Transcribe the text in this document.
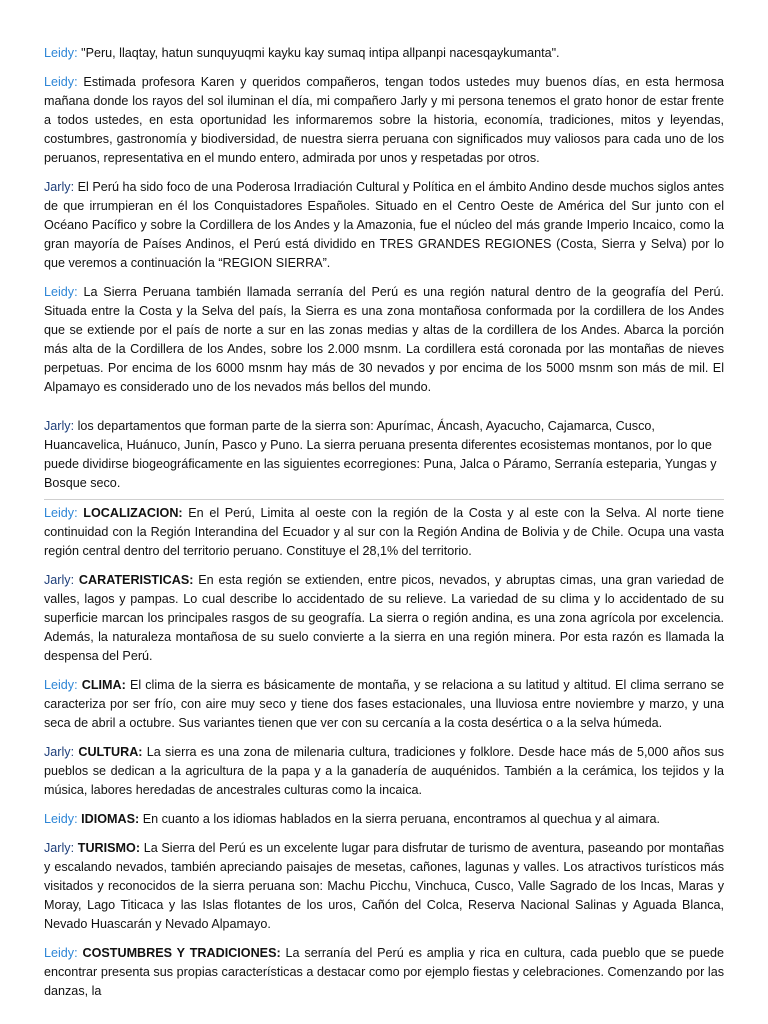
Leidy: "Peru, llaqtay, hatun sunquyuqmi kayku kay sumaq intipa allpanpi nacesqaykumanta".

Leidy: Estimada profesora Karen y queridos compañeros, tengan todos ustedes muy buenos días, en esta hermosa mañana donde los rayos del sol iluminan el día, mi compañero Jarly y mi persona tenemos el grato honor de estar frente a todos ustedes, en esta oportunidad les informaremos sobre la historia, economía, tradiciones, mitos y leyendas, costumbres, gastronomía y biodiversidad, de nuestra sierra peruana con significados muy valiosos para cada uno de los peruanos, representativa en el mundo entero, admirada por unos y respetadas por otros.

Jarly: El Perú ha sido foco de una Poderosa Irradiación Cultural y Política en el ámbito Andino desde muchos siglos antes de que irrumpieran en él los Conquistadores Españoles. Situado en el Centro Oeste de América del Sur junto con el Océano Pacífico y sobre la Cordillera de los Andes y la Amazonia, fue el núcleo del más grande Imperio Incaico, como la gran mayoría de Países Andinos, el Perú está dividido en TRES GRANDES REGIONES (Costa, Sierra y Selva) por lo que veremos a continuación la “REGION SIERRA”.

Leidy: La Sierra Peruana también llamada serranía del Perú es una región natural dentro de la geografía del Perú. Situada entre la Costa y la Selva del país, la Sierra es una zona montañosa conformada por la cordillera de los Andes que se extiende por el país de norte a sur en las zonas medias y altas de la cordillera de los Andes. Abarca la porción más alta de la Cordillera de los Andes, sobre los 2.000 msnm. La cordillera está coronada por las montañas de nieves perpetuas. Por encima de los 6000 msnm hay más de 30 nevados y por encima de los 5000 msnm son más de mil. El Alpamayo es considerado uno de los nevados más bellos del mundo.

Jarly: los departamentos que forman parte de la sierra son: Apurímac, Áncash, Ayacucho, Cajamarca, Cusco, Huancavelica, Huánuco, Junín, Pasco y Puno. La sierra peruana presenta diferentes ecosistemas montanos, por lo que puede dividirse biogeográficamente en las siguientes ecorregiones: Puna, Jalca o Páramo, Serranía esteparia, Yungas y Bosque seco.

Leidy: LOCALIZACION: En el Perú, Limita al oeste con la región de la Costa y al este con la Selva. Al norte tiene continuidad con la Región Interandina del Ecuador y al sur con la Región Andina de Bolivia y de Chile. Ocupa una vasta región central dentro del territorio peruano. Constituye el 28,1% del territorio.

Jarly: CARATERISTICAS: En esta región se extienden, entre picos, nevados, y abruptas cimas, una gran variedad de valles, lagos y pampas. Lo cual describe lo accidentado de su relieve. La variedad de su clima y lo accidentado de su superficie marcan los principales rasgos de su geografía. La sierra o región andina, es una zona agrícola por excelencia. Además, la naturaleza montañosa de su suelo convierte a la sierra en una región minera. Por esta razón es llamada la despensa del Perú.

Leidy: CLIMA: El clima de la sierra es básicamente de montaña, y se relaciona a su latitud y altitud. El clima serrano se caracteriza por ser frío, con aire muy seco y tiene dos fases estacionales, una lluviosa entre noviembre y marzo, y una seca de abril a octubre. Sus variantes tienen que ver con su cercanía a la costa desértica o a la selva húmeda.

Jarly: CULTURA: La sierra es una zona de milenaria cultura, tradiciones y folklore. Desde hace más de 5,000 años sus pueblos se dedican a la agricultura de la papa y a la ganadería de auquénidos. También a la cerámica, los tejidos y la música, labores heredadas de ancestrales culturas como la incaica.

Leidy: IDIOMAS: En cuanto a los idiomas hablados en la sierra peruana, encontramos al quechua y al aimara.

Jarly: TURISMO: La Sierra del Perú es un excelente lugar para disfrutar de turismo de aventura, paseando por montañas y escalando nevados, también apreciando paisajes de mesetas, cañones, lagunas y valles. Los atractivos turísticos más visitados y reconocidos de la sierra peruana son: Machu Picchu, Vinchuca, Cusco, Valle Sagrado de los Incas, Maras y Moray, Lago Titicaca y las Islas flotantes de los uros, Cañón del Colca, Reserva Nacional Salinas y Aguada Blanca, Nevado Huascarán y Nevado Alpamayo.

Leidy: COSTUMBRES Y TRADICIONES: La serranía del Perú es amplia y rica en cultura, cada pueblo que se puede encontrar presenta sus propias características a destacar como por ejemplo fiestas y celebraciones. Comenzando por las danzas, la
